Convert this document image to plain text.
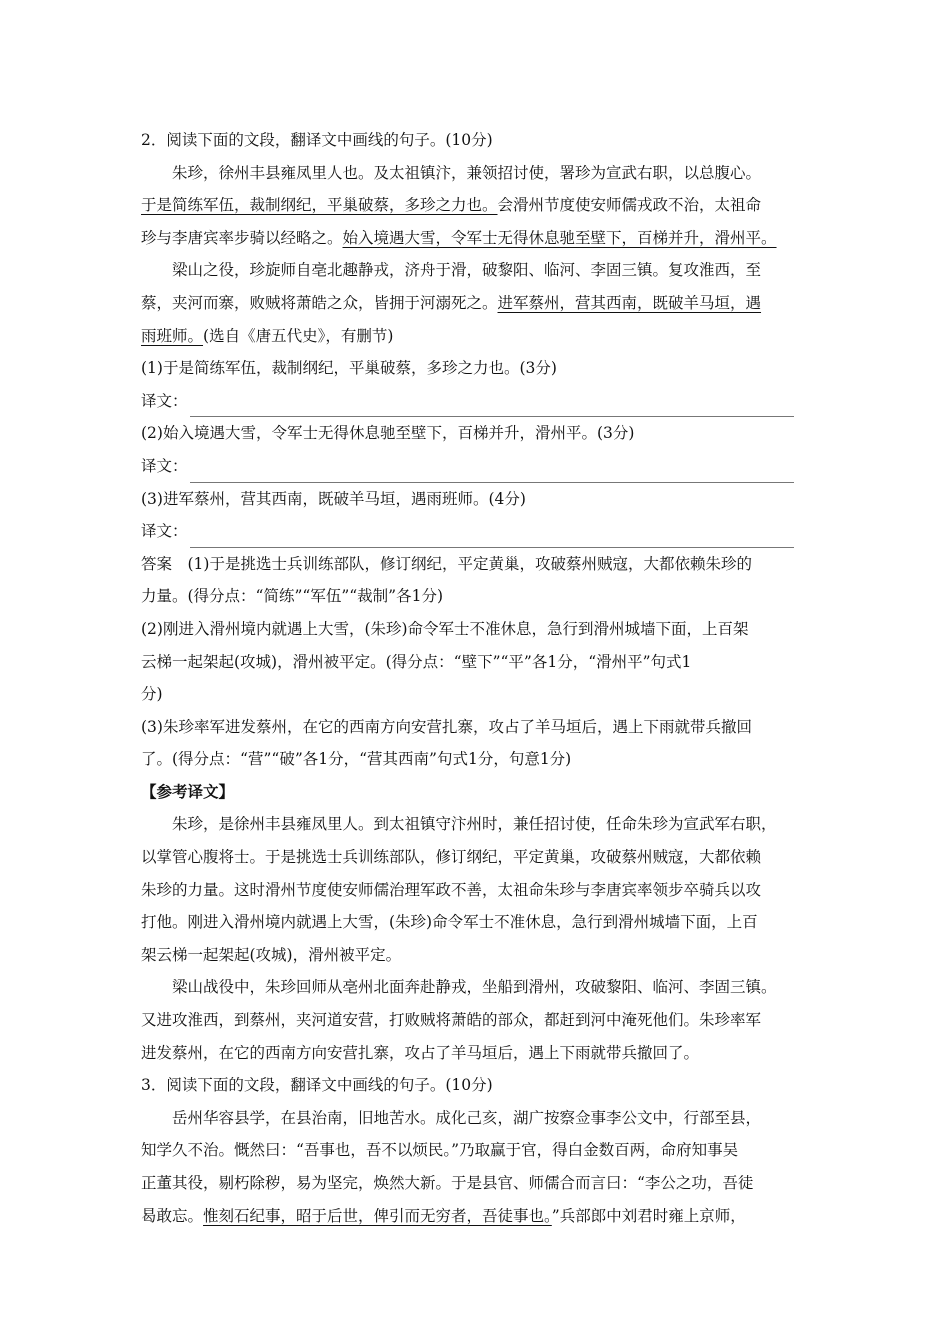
2．阅读下面的文段，翻译文中画线的句子。(10分)
朱珍，徐州丰县雍凤里人也。及太祖镇汴，兼领招讨使，署珍为宣武右职，以总腹心。
于是简练军伍，裁制纲纪，平巢破蔡，多珍之力也。会滑州节度使安师儒戎政不治，太祖命
珍与李唐宾率步骑以经略之。始入境遇大雪，令军士无得休息驰至壁下，百梯并升，滑州平。
梁山之役，珍旋师自亳北趣静戎，济舟于滑，破黎阳、临河、李固三镇。复攻淮西，至
蔡，夹河而寨，败贼将萧皓之众，皆拥于河溺死之。进军蔡州，营其西南，既破羊马垣，遇
雨班师。(选自《唐五代史》，有删节)
(1)于是简练军伍，裁制纲纪，平巢破蔡，多珍之力也。(3分)
译文：
(2)始入境遇大雪，令军士无得休息驰至壁下，百梯并升，滑州平。(3分)
译文：
(3)进军蔡州，营其西南，既破羊马垣，遇雨班师。(4分)
译文：
答案　(1)于是挑选士兵训练部队，修订纲纪，平定黄巢，攻破蔡州贼寇，大都依赖朱珍的
力量。(得分点：“简练”“军伍”“裁制”各1分)
(2)刚进入滑州境内就遇上大雪，(朱珍)命令军士不准休息，急行到滑州城墙下面，上百架
云梯一起架起(攻城)，滑州被平定。(得分点：“壁下”“平”各1分，“滑州平”句式1
分)
(3)朱珍率军进发蔡州，在它的西南方向安营扎寨，攻占了羊马垣后，遇上下雨就带兵撤回
了。(得分点：“营”“破”各1分，“营其西南”句式1分，句意1分)
【参考译文】
朱珍，是徐州丰县雍凤里人。到太祖镇守汴州时，兼任招讨使，任命朱珍为宣武军右职，
以掌管心腹将士。于是挑选士兵训练部队，修订纲纪，平定黄巢，攻破蔡州贼寇，大都依赖
朱珍的力量。这时滑州节度使安师儒治理军政不善，太祖命朱珍与李唐宾率领步卒骑兵以攻
打他。刚进入滑州境内就遇上大雪，(朱珍)命令军士不准休息，急行到滑州城墙下面，上百
架云梯一起架起(攻城)，滑州被平定。
梁山战役中，朱珍回师从亳州北面奔赴静戎，坐船到滑州，攻破黎阳、临河、李固三镇。
又进攻淮西，到蔡州，夹河道安营，打败贼将萧皓的部众，都赶到河中淹死他们。朱珍率军
进发蔡州，在它的西南方向安营扎寨，攻占了羊马垣后，遇上下雨就带兵撤回了。
3．阅读下面的文段，翻译文中画线的句子。(10分)
岳州华容县学，在县治南，旧地苦水。成化己亥，湖广按察佥事李公文中，行部至县，
知学久不治。慨然曰：“吾事也，吾不以烦民。”乃取赢于官，得白金数百两，命府知事吴
正董其役，剔朽除秽，易为坚完，焕然大新。于是县官、师儒合而言曰：“李公之功，吾徒
曷敢忘。惟刻石纪事，昭于后世，俾引而无穷者，吾徒事也。”兵部郎中刘君时雍上京师，
